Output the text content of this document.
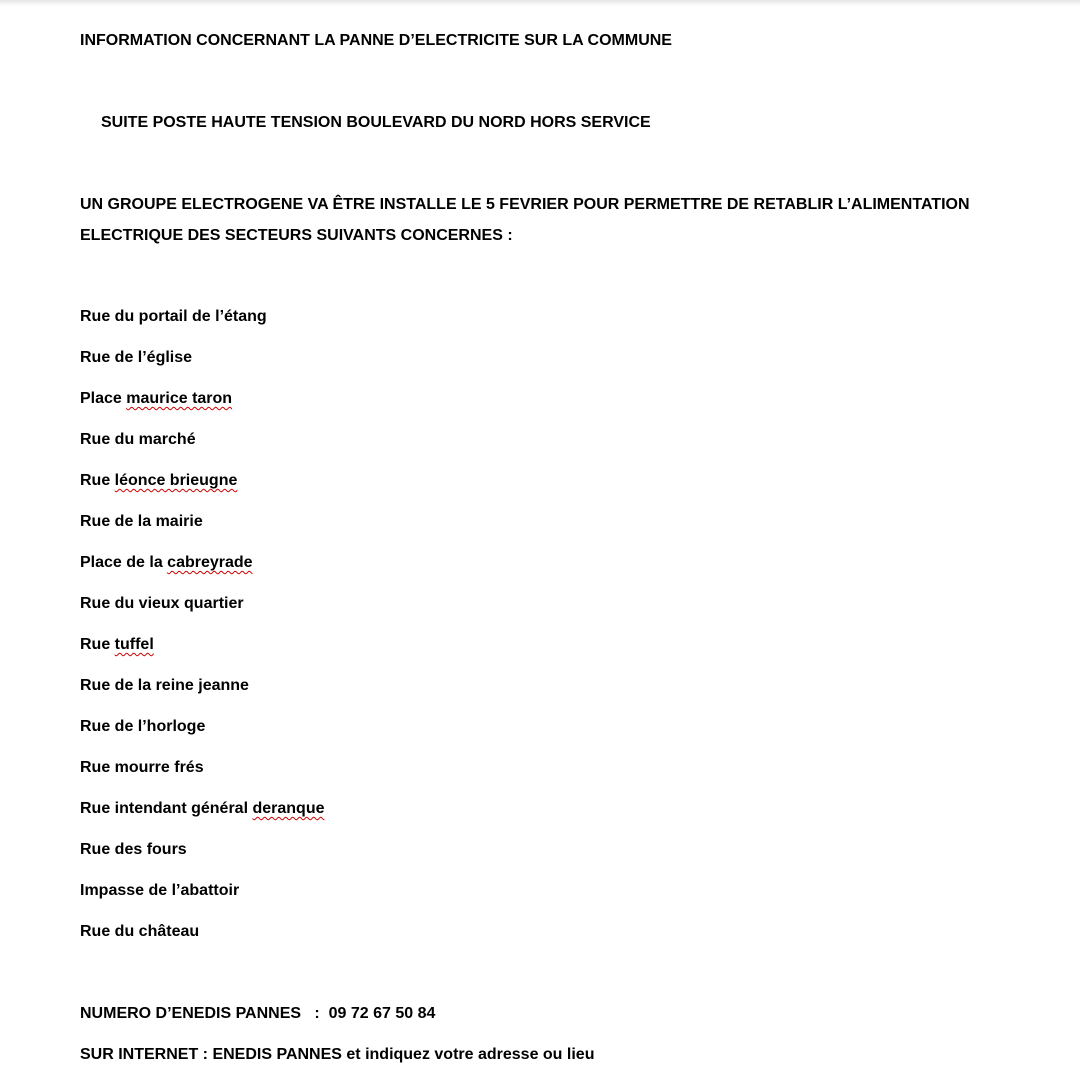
INFORMATION CONCERNANT LA PANNE D’ELECTRICITE SUR LA COMMUNE
SUITE POSTE HAUTE TENSION BOULEVARD DU NORD HORS SERVICE
UN GROUPE ELECTROGENE VA ÊTRE INSTALLE LE 5 FEVRIER POUR PERMETTRE DE RETABLIR L’ALIMENTATION
ELECTRIQUE DES SECTEURS SUIVANTS CONCERNES :
Rue du portail de l’étang
Rue de l’église
Place maurice taron
Rue du marché
Rue léonce brieugne
Rue de la mairie
Place de la cabreyrade
Rue du vieux quartier
Rue tuffel
Rue de la reine jeanne
Rue de l’horloge
Rue mourre frés
Rue intendant général deranque
Rue des fours
Impasse de l’abattoir
Rue du château
NUMERO D’ENEDIS PANNES   : 09 72 67 50 84
SUR INTERNET : ENEDIS PANNES et indiquez votre adresse ou lieu
